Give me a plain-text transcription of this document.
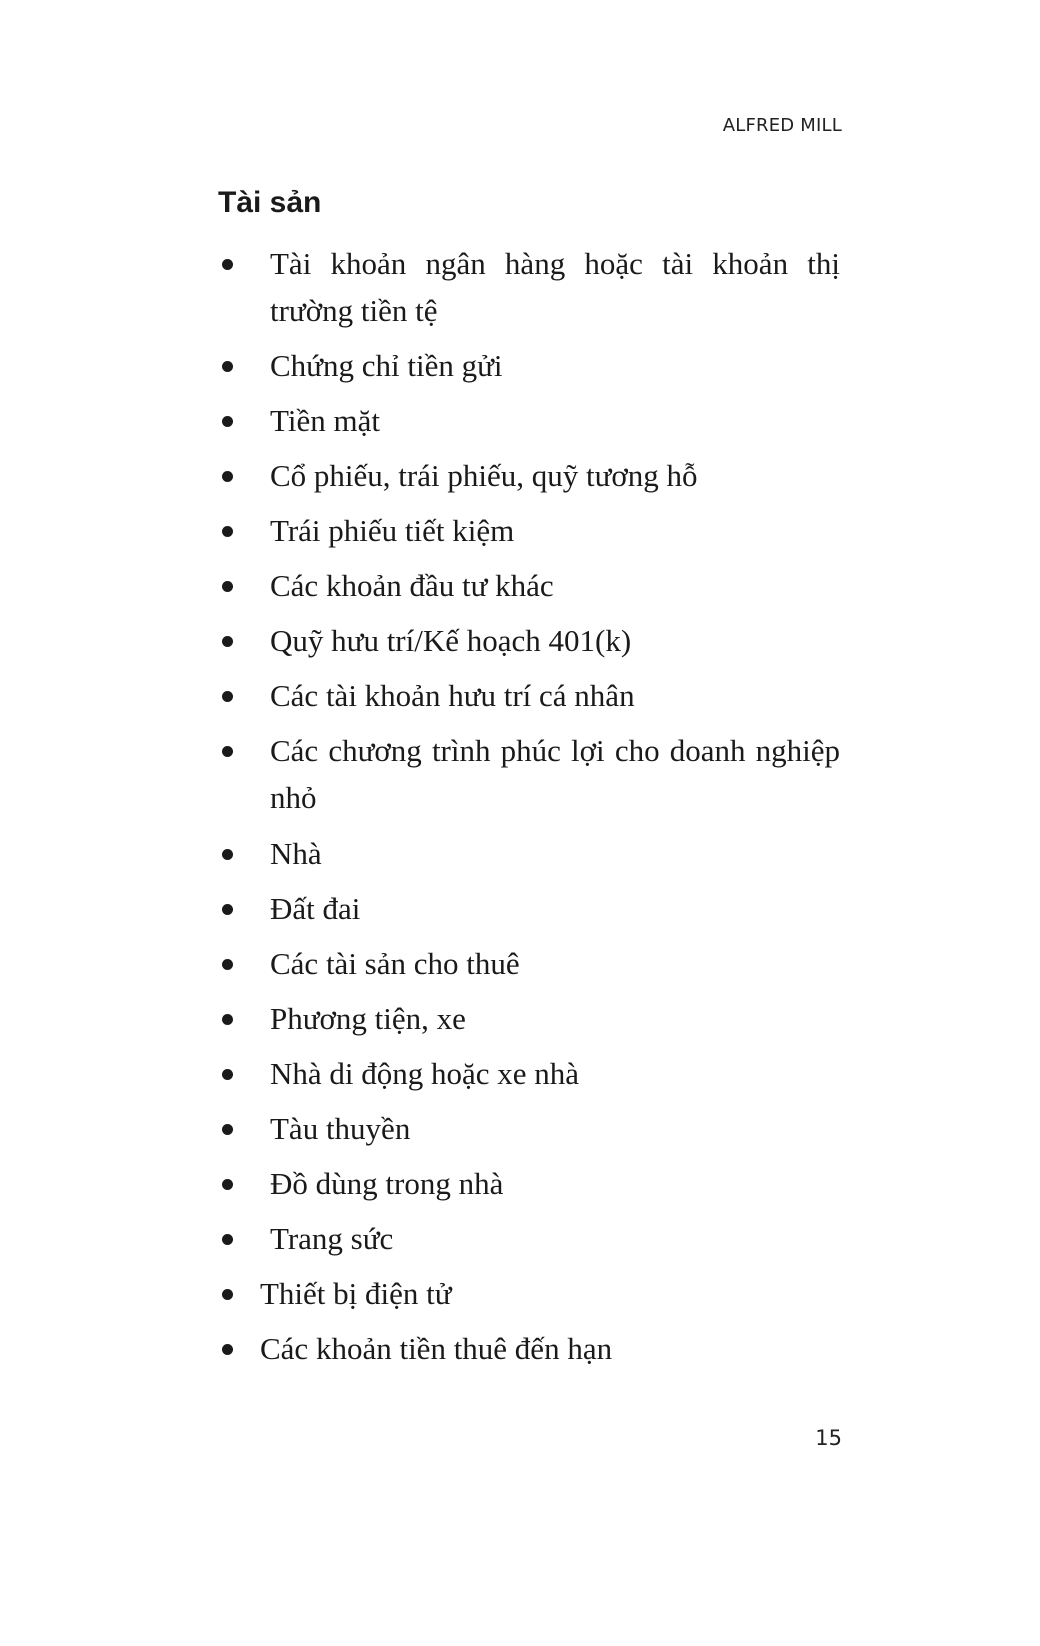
ALFRED MILL
Tài sản
Tài khoản ngân hàng hoặc tài khoản thị trường tiền tệ
Chứng chỉ tiền gửi
Tiền mặt
Cổ phiếu, trái phiếu, quỹ tương hỗ
Trái phiếu tiết kiệm
Các khoản đầu tư khác
Quỹ hưu trí/Kế hoạch 401(k)
Các tài khoản hưu trí cá nhân
Các chương trình phúc lợi cho doanh nghiệp nhỏ
Nhà
Đất đai
Các tài sản cho thuê
Phương tiện, xe
Nhà di động hoặc xe nhà
Tàu thuyền
Đồ dùng trong nhà
Trang sức
Thiết bị điện tử
Các khoản tiền thuê đến hạn
15
